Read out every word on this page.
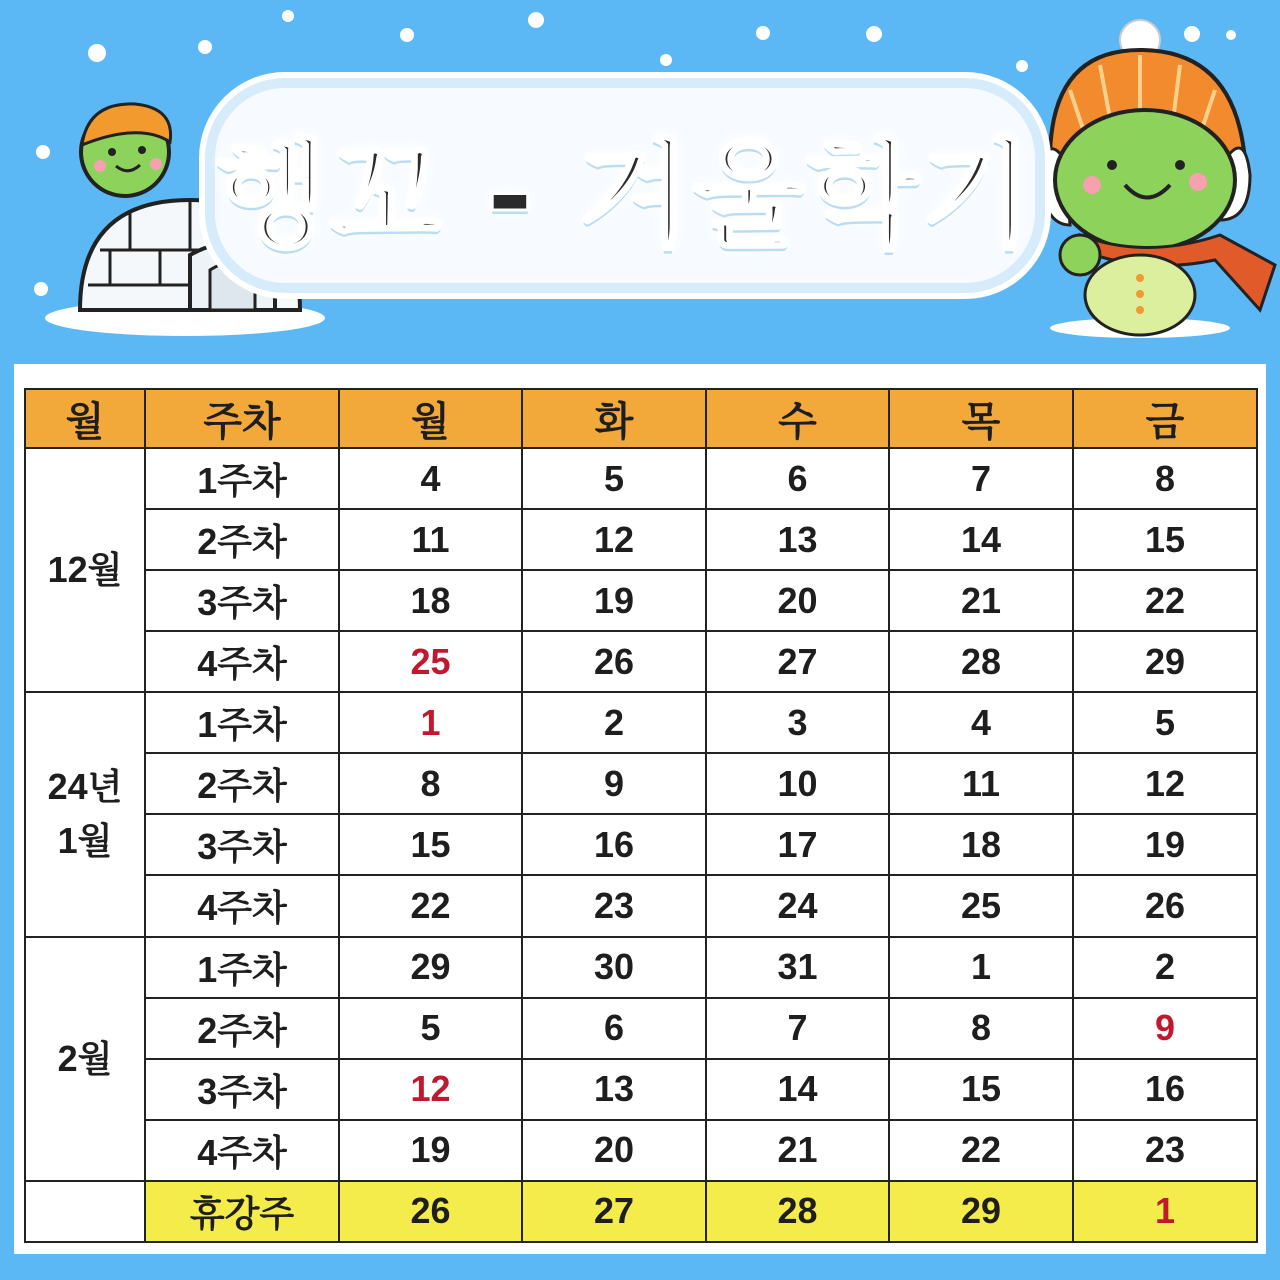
행꼬 - 겨울학기
월	주차	월	화	수	목	금

12월	1주차	4	5	6	7	8
	2주차	11	12	13	14	15
	3주차	18	19	20	21	22
	4주차	25	26	27	28	29

24년
1월	1주차	1	2	3	4	5
	2주차	8	9	10	11	12
	3주차	15	16	17	18	19
	4주차	22	23	24	25	26

2월	1주차	29	30	31	1	2
	2주차	5	6	7	8	9
	3주차	12	13	14	15	16
	4주차	19	20	21	22	23
	휴강주	26	27	28	29	1
